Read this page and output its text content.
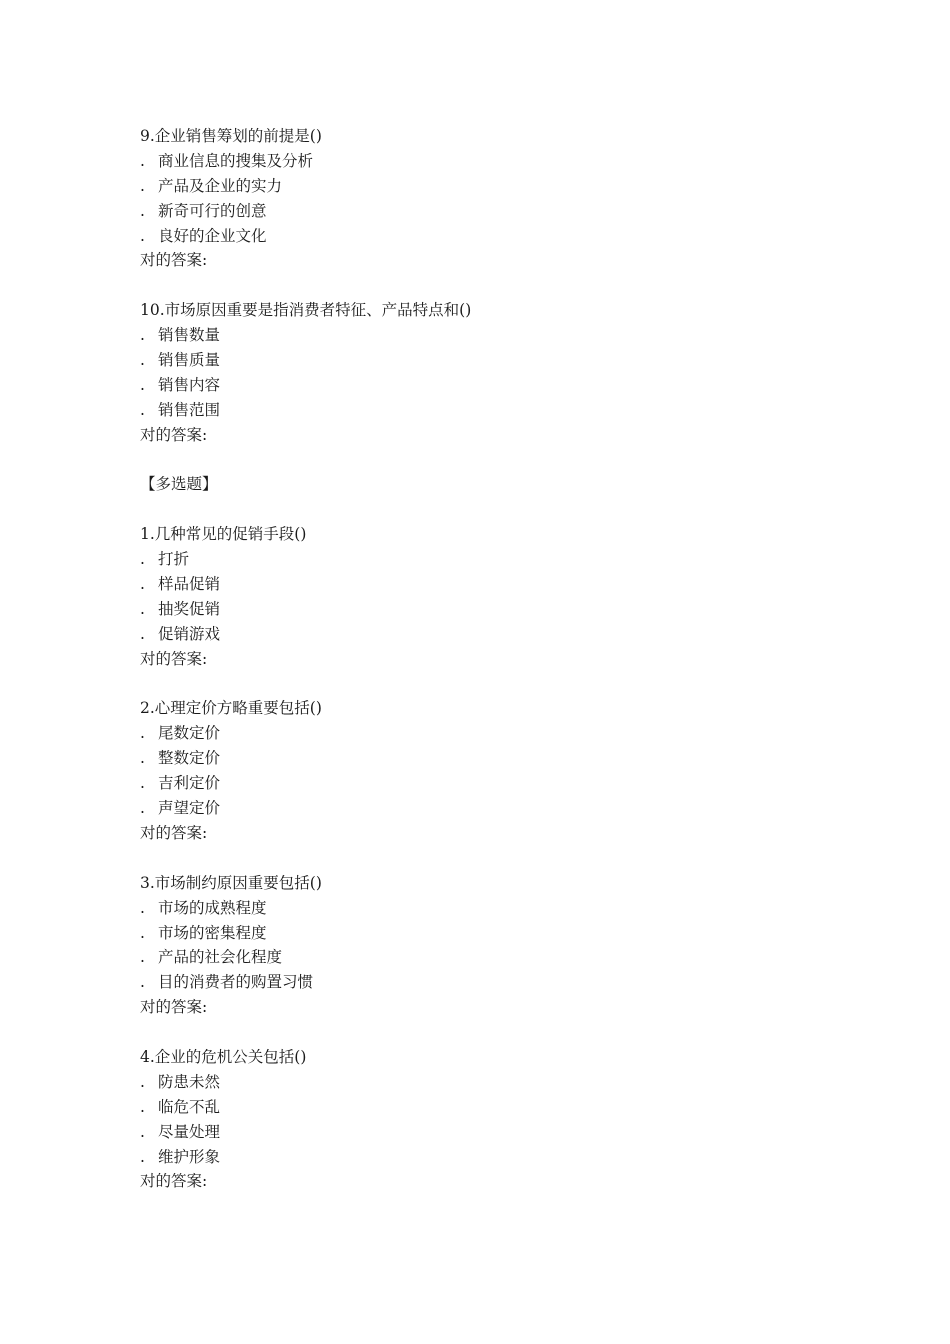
9.企业销售筹划的前提是()
. 商业信息的搜集及分析
. 产品及企业的实力
. 新奇可行的创意
. 良好的企业文化
对的答案:
10.市场原因重要是指消费者特征、产品特点和()
. 销售数量
. 销售质量
. 销售内容
. 销售范围
对的答案:
【多选题】
1.几种常见的促销手段()
. 打折
. 样品促销
. 抽奖促销
. 促销游戏
对的答案:
2.心理定价方略重要包括()
. 尾数定价
. 整数定价
. 吉利定价
. 声望定价
对的答案:
3.市场制约原因重要包括()
. 市场的成熟程度
. 市场的密集程度
. 产品的社会化程度
. 目的消费者的购置习惯
对的答案:
4.企业的危机公关包括()
. 防患未然
. 临危不乱
. 尽量处理
. 维护形象
对的答案:
